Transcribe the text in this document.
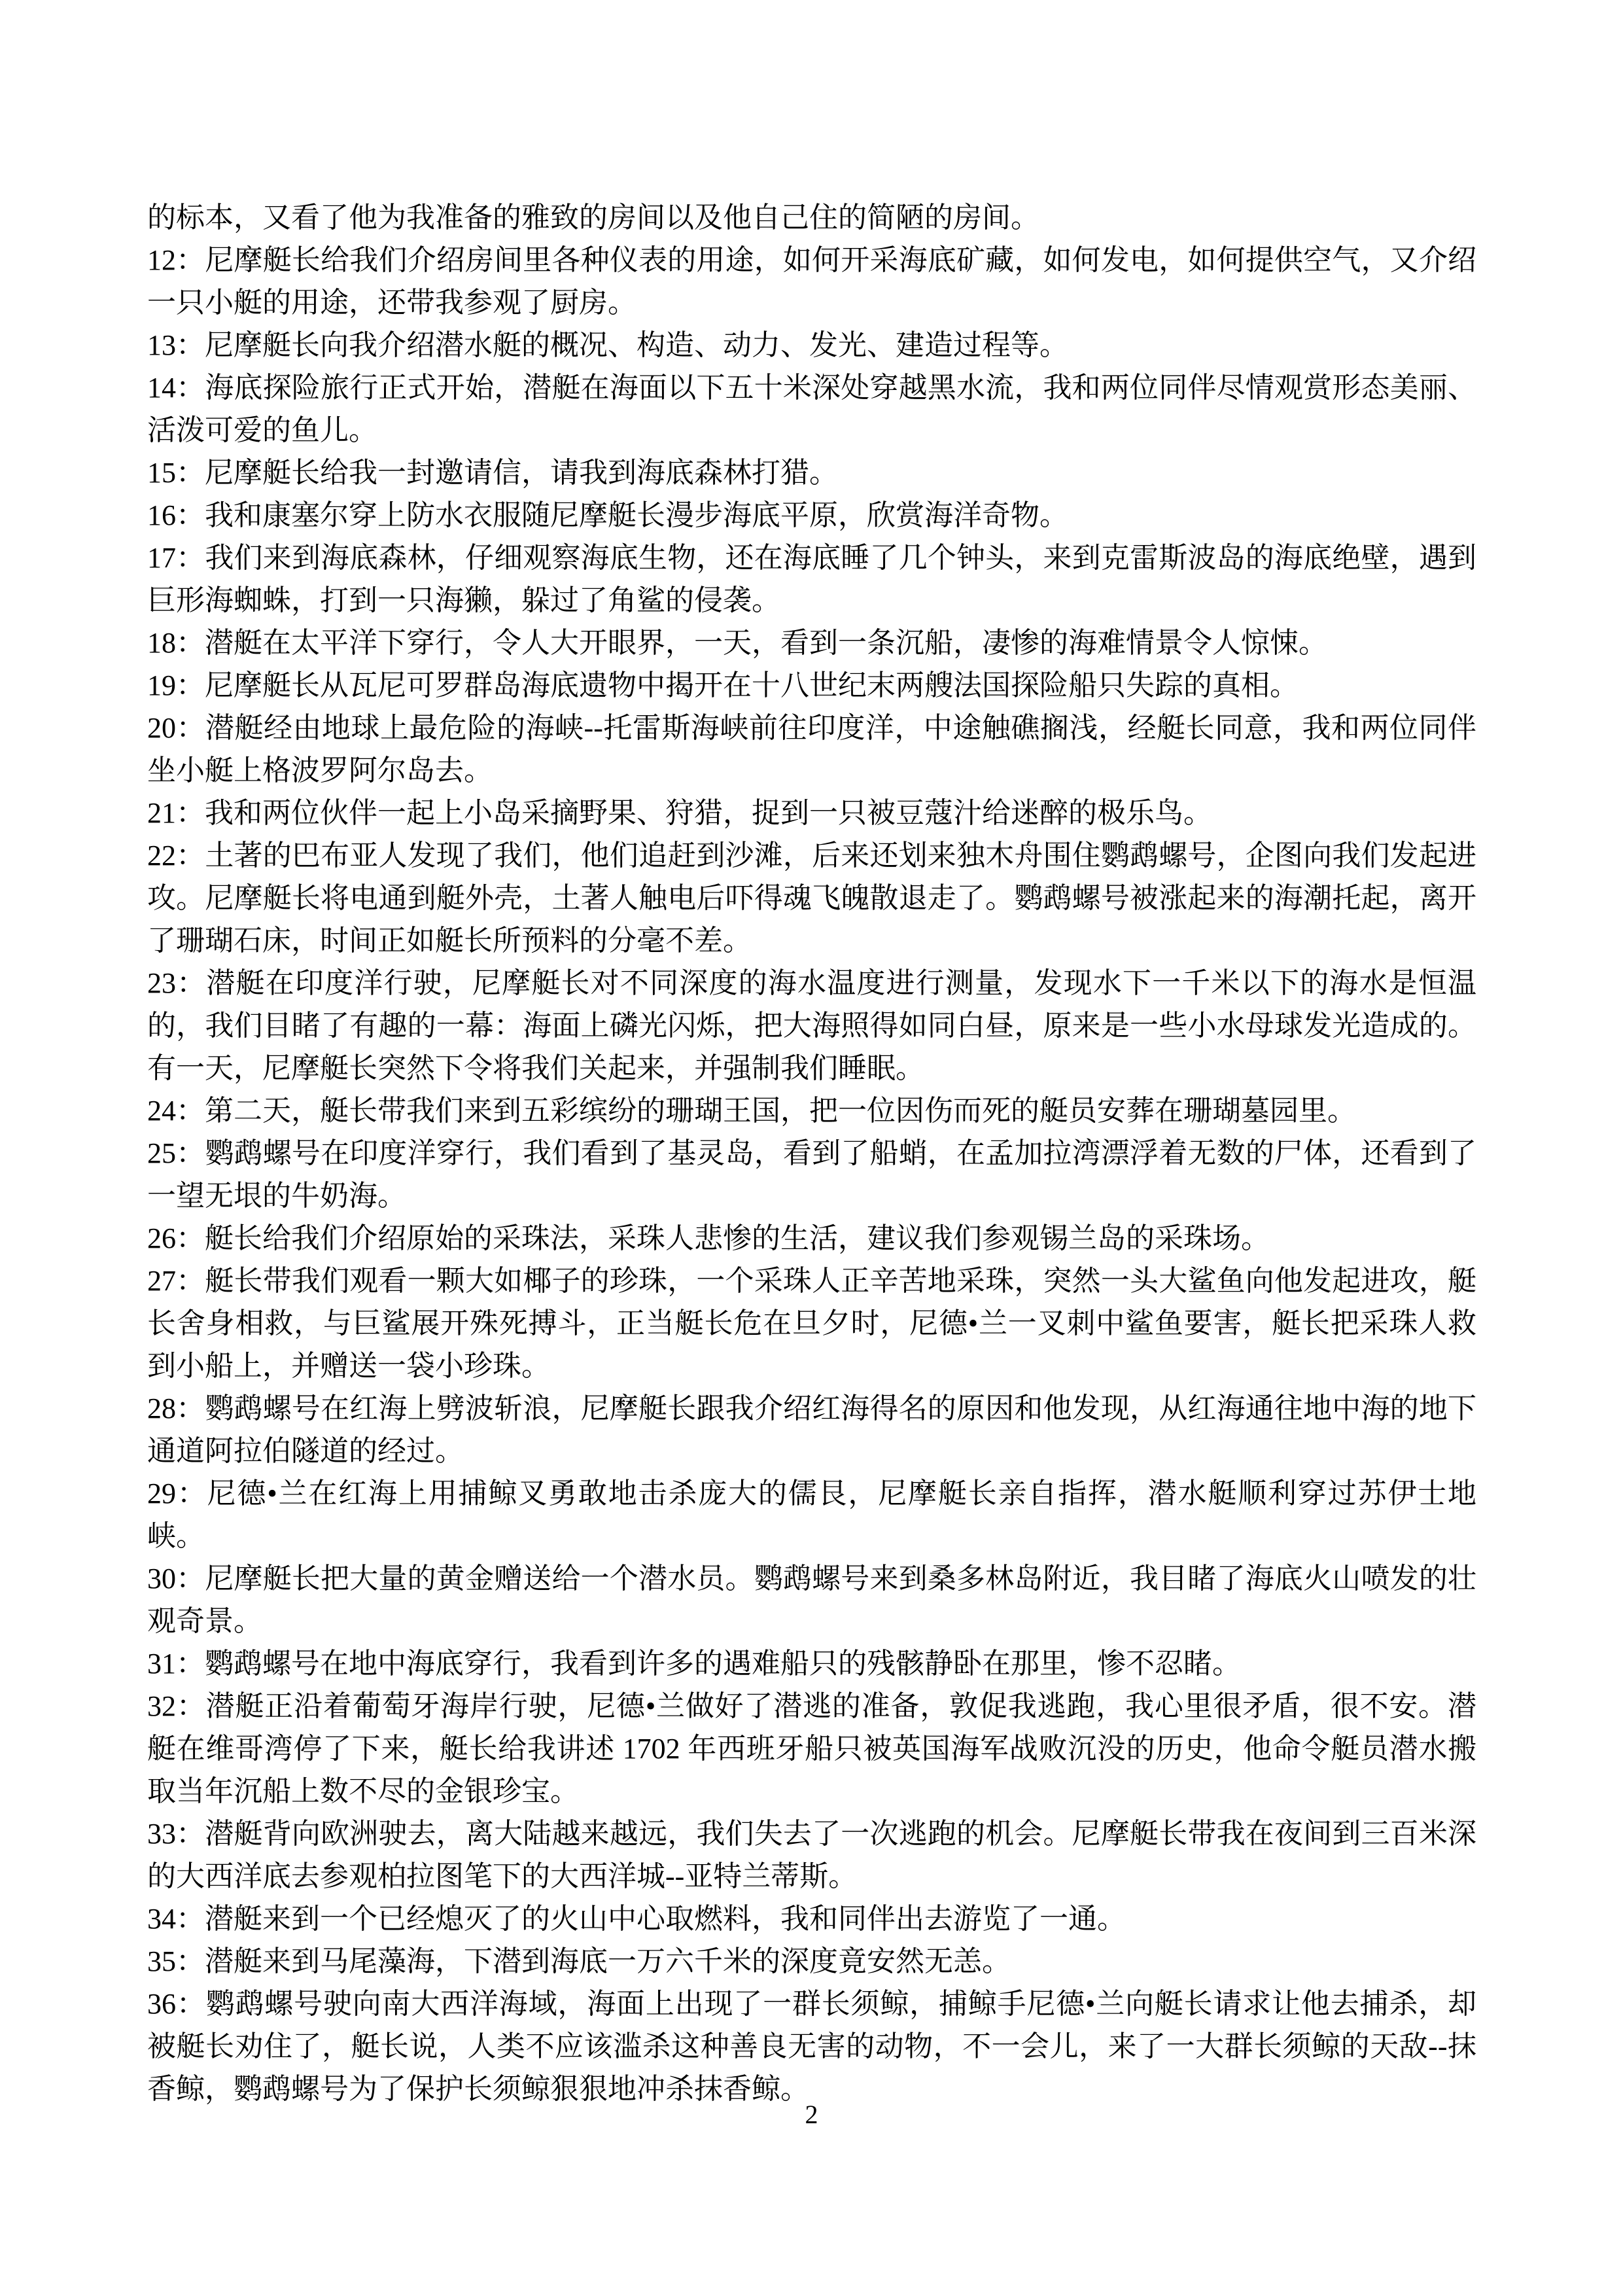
的标本，又看了他为我准备的雅致的房间以及他自己住的简陋的房间。

12：尼摩艇长给我们介绍房间里各种仪表的用途，如何开采海底矿藏，如何发电，如何提供空气，又介绍一只小艇的用途，还带我参观了厨房。

13：尼摩艇长向我介绍潜水艇的概况、构造、动力、发光、建造过程等。

14：海底探险旅行正式开始，潜艇在海面以下五十米深处穿越黑水流，我和两位同伴尽情观赏形态美丽、活泼可爱的鱼儿。

15：尼摩艇长给我一封邀请信，请我到海底森林打猎。

16：我和康塞尔穿上防水衣服随尼摩艇长漫步海底平原，欣赏海洋奇物。

17：我们来到海底森林，仔细观察海底生物，还在海底睡了几个钟头，来到克雷斯波岛的海底绝壁，遇到巨形海蜘蛛，打到一只海獭，躲过了角鲨的侵袭。

18：潜艇在太平洋下穿行，令人大开眼界，一天，看到一条沉船，凄惨的海难情景令人惊悚。

19：尼摩艇长从瓦尼可罗群岛海底遗物中揭开在十八世纪末两艘法国探险船只失踪的真相。

20：潜艇经由地球上最危险的海峡--托雷斯海峡前往印度洋，中途触礁搁浅，经艇长同意，我和两位同伴坐小艇上格波罗阿尔岛去。

21：我和两位伙伴一起上小岛采摘野果、狩猎，捉到一只被豆蔻汁给迷醉的极乐鸟。

22：土著的巴布亚人发现了我们，他们追赶到沙滩，后来还划来独木舟围住鹦鹉螺号，企图向我们发起进攻。尼摩艇长将电通到艇外壳，土著人触电后吓得魂飞魄散退走了。鹦鹉螺号被涨起来的海潮托起，离开了珊瑚石床，时间正如艇长所预料的分毫不差。

23：潜艇在印度洋行驶，尼摩艇长对不同深度的海水温度进行测量，发现水下一千米以下的海水是恒温的，我们目睹了有趣的一幕：海面上磷光闪烁，把大海照得如同白昼，原来是一些小水母球发光造成的。有一天，尼摩艇长突然下令将我们关起来，并强制我们睡眠。

24：第二天，艇长带我们来到五彩缤纷的珊瑚王国，把一位因伤而死的艇员安葬在珊瑚墓园里。

25：鹦鹉螺号在印度洋穿行，我们看到了基灵岛，看到了船蛸，在孟加拉湾漂浮着无数的尸体，还看到了一望无垠的牛奶海。

26：艇长给我们介绍原始的采珠法，采珠人悲惨的生活，建议我们参观锡兰岛的采珠场。

27：艇长带我们观看一颗大如椰子的珍珠，一个采珠人正辛苦地采珠，突然一头大鲨鱼向他发起进攻，艇长舍身相救，与巨鲨展开殊死搏斗，正当艇长危在旦夕时，尼德•兰一叉刺中鲨鱼要害，艇长把采珠人救到小船上，并赠送一袋小珍珠。

28：鹦鹉螺号在红海上劈波斩浪，尼摩艇长跟我介绍红海得名的原因和他发现，从红海通往地中海的地下通道阿拉伯隧道的经过。

29：尼德•兰在红海上用捕鲸叉勇敢地击杀庞大的儒艮，尼摩艇长亲自指挥，潜水艇顺利穿过苏伊士地峡。

30：尼摩艇长把大量的黄金赠送给一个潜水员。鹦鹉螺号来到桑多林岛附近，我目睹了海底火山喷发的壮观奇景。

31：鹦鹉螺号在地中海底穿行，我看到许多的遇难船只的残骸静卧在那里，惨不忍睹。

32：潜艇正沿着葡萄牙海岸行驶，尼德•兰做好了潜逃的准备，敦促我逃跑，我心里很矛盾，很不安。潜艇在维哥湾停了下来，艇长给我讲述 1702 年西班牙船只被英国海军战败沉没的历史，他命令艇员潜水搬取当年沉船上数不尽的金银珍宝。

33：潜艇背向欧洲驶去，离大陆越来越远，我们失去了一次逃跑的机会。尼摩艇长带我在夜间到三百米深的大西洋底去参观柏拉图笔下的大西洋城--亚特兰蒂斯。

34：潜艇来到一个已经熄灭了的火山中心取燃料，我和同伴出去游览了一通。

35：潜艇来到马尾藻海，下潜到海底一万六千米的深度竟安然无恙。

36：鹦鹉螺号驶向南大西洋海域，海面上出现了一群长须鲸，捕鲸手尼德•兰向艇长请求让他去捕杀，却被艇长劝住了，艇长说，人类不应该滥杀这种善良无害的动物，不一会儿，来了一大群长须鲸的天敌--抹香鲸，鹦鹉螺号为了保护长须鲸狠狠地冲杀抹香鲸。

2
